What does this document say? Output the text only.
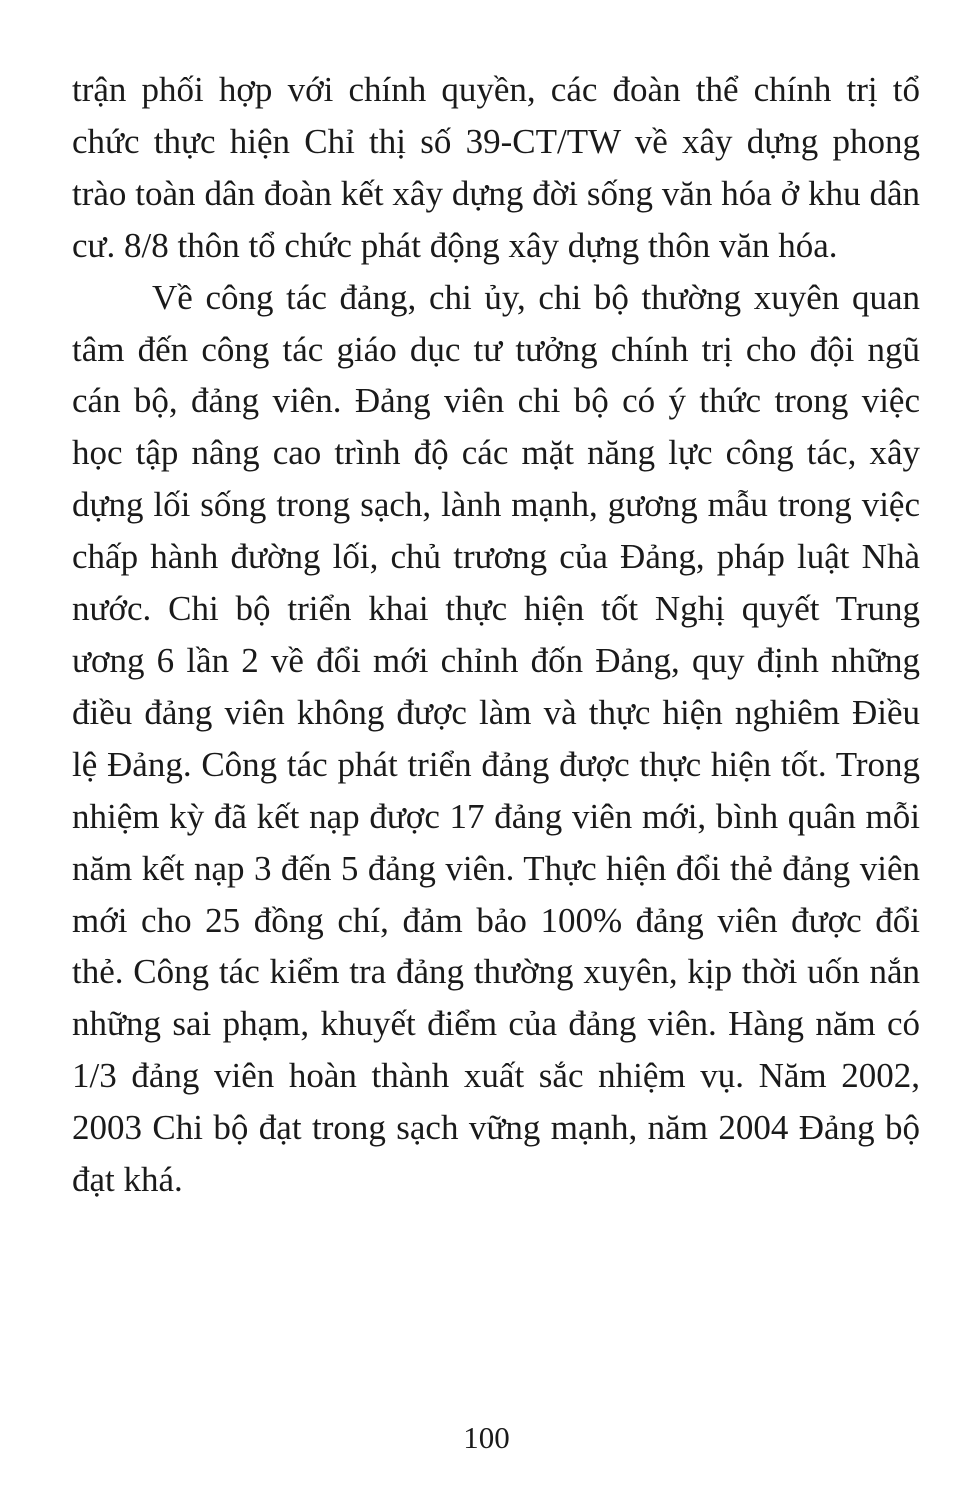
trận phối hợp với chính quyền, các đoàn thể chính trị tổ chức thực hiện Chỉ thị số 39-CT/TW về xây dựng phong trào toàn dân đoàn kết xây dựng đời sống văn hóa ở khu dân cư. 8/8 thôn tổ chức phát động xây dựng thôn văn hóa.

Về công tác đảng, chi ủy, chi bộ thường xuyên quan tâm đến công tác giáo dục tư tưởng chính trị cho đội ngũ cán bộ, đảng viên. Đảng viên chi bộ có ý thức trong việc học tập nâng cao trình độ các mặt năng lực công tác, xây dựng lối sống trong sạch, lành mạnh, gương mẫu trong việc chấp hành đường lối, chủ trương của Đảng, pháp luật Nhà nước. Chi bộ triển khai thực hiện tốt Nghị quyết Trung ương 6 lần 2 về đổi mới chỉnh đốn Đảng, quy định những điều đảng viên không được làm và thực hiện nghiêm Điều lệ Đảng. Công tác phát triển đảng được thực hiện tốt. Trong nhiệm kỳ đã kết nạp được 17 đảng viên mới, bình quân mỗi năm kết nạp 3 đến 5 đảng viên. Thực hiện đổi thẻ đảng viên mới cho 25 đồng chí, đảm bảo 100% đảng viên được đổi thẻ. Công tác kiểm tra đảng thường xuyên, kịp thời uốn nắn những sai phạm, khuyết điểm của đảng viên. Hàng năm có 1/3 đảng viên hoàn thành xuất sắc nhiệm vụ. Năm 2002, 2003 Chi bộ đạt trong sạch vững mạnh, năm 2004 Đảng bộ đạt khá.

100
